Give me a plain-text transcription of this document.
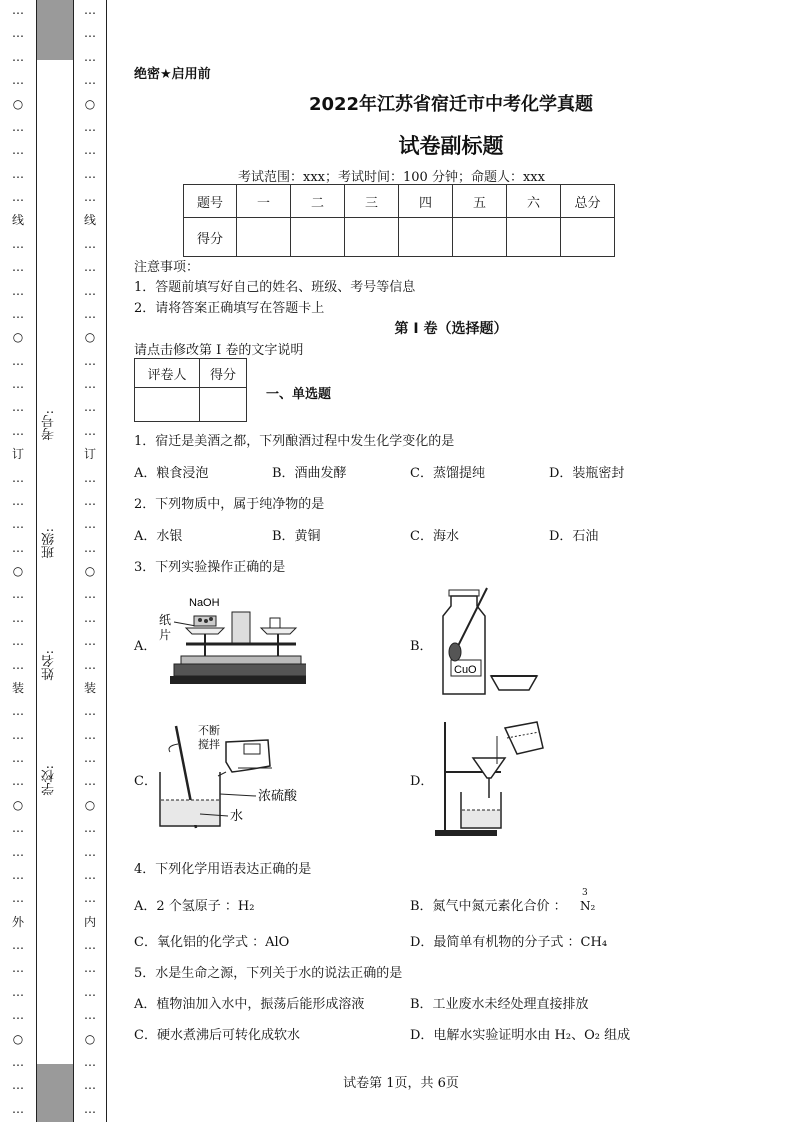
…
…
…
…
○
…
…
…
…
线
…
…
…
…
○
…
…
…
…
订
…
…
…
…
○
…
…
…
…
装
…
…
…
…
○
…
…
…
…
外
…
…
…
…
○
…
…
…
考号:
班级:
姓名:
学校:
…
…
…
…
○
…
…
…
…
线
…
…
…
…
○
…
…
…
…
订
…
…
…
…
○
…
…
…
…
装
…
…
…
…
○
…
…
…
…
内
…
…
…
…
○
…
…
…
绝密★启用前
2022年江苏省宿迁市中考化学真题
试卷副标题
考试范围：xxx；考试时间：100 分钟；命题人：xxx
题号	一	二	三	四	五	六	总分
得分							
注意事项：
1．答题前填写好自己的姓名、班级、考号等信息
2．请将答案正确填写在答题卡上
第 I 卷（选择题）
请点击修改第 I 卷的文字说明
评卷人	得分

一、单选题
1．宿迁是美酒之都，下列酿酒过程中发生化学变化的是
A．粮食浸泡	B．酒曲发酵	C．蒸馏提纯	D．装瓶密封
2．下列物质中，属于纯净物的是
A．水银	B．黄铜	C．海水	D．石油
3．下列实验操作正确的是
A．	B．
C．	D．
NaOH
纸
片
CuO
不断
搅拌
浓硫酸
水
4．下列化学用语表达正确的是
A．2 个氢原子 ：H₂	B．氮气中氮元素化合价 ：
3
N₂
C．氧化铝的化学式 ：AlO	D．最简单有机物的分子式 ：CH₄
5．水是生命之源，下列关于水的说法正确的是
A．植物油加入水中，振荡后能形成溶液	B．工业废水未经处理直接排放
C．硬水煮沸后可转化成软水	D．电解水实验证明水由 H₂、O₂ 组成
试卷第 1页，共 6页
